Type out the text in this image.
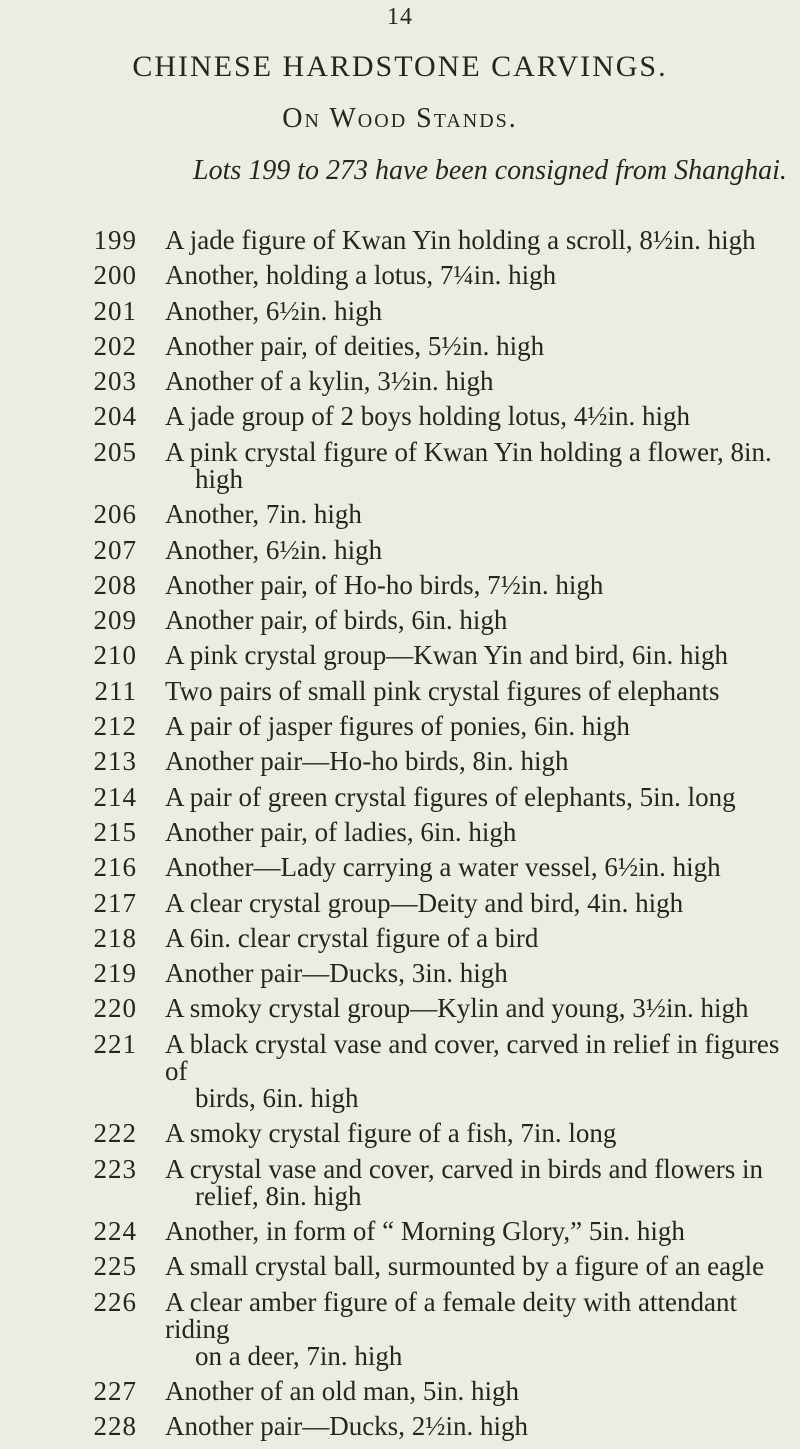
14
CHINESE HARDSTONE CARVINGS.
On Wood Stands.
Lots 199 to 273 have been consigned from Shanghai.
199	A jade figure of Kwan Yin holding a scroll, 8½in. high
200	Another, holding a lotus, 7¼in. high
201	Another, 6½in. high
202	Another pair, of deities, 5½in. high
203	Another of a kylin, 3½in. high
204	A jade group of 2 boys holding lotus, 4½in. high
205	A pink crystal figure of Kwan Yin holding a flower, 8in.
high
206	Another, 7in. high
207	Another, 6½in. high
208	Another pair, of Ho-ho birds, 7½in. high
209	Another pair, of birds, 6in. high
210	A pink crystal group—Kwan Yin and bird, 6in. high
211	Two pairs of small pink crystal figures of elephants
212	A pair of jasper figures of ponies, 6in. high
213	Another pair—Ho-ho birds, 8in. high
214	A pair of green crystal figures of elephants, 5in. long
215	Another pair, of ladies, 6in. high
216	Another—Lady carrying a water vessel, 6½in. high
217	A clear crystal group—Deity and bird, 4in. high
218	A 6in. clear crystal figure of a bird
219	Another pair—Ducks, 3in. high
220	A smoky crystal group—Kylin and young, 3½in. high
221	A black crystal vase and cover, carved in relief in figures of
birds, 6in. high
222	A smoky crystal figure of a fish, 7in. long
223	A crystal vase and cover, carved in birds and flowers in
relief, 8in. high
224	Another, in form of “ Morning Glory,” 5in. high
225	A small crystal ball, surmounted by a figure of an eagle
226	A clear amber figure of a female deity with attendant riding
on a deer, 7in. high
227	Another of an old man, 5in. high
228	Another pair—Ducks, 2½in. high
